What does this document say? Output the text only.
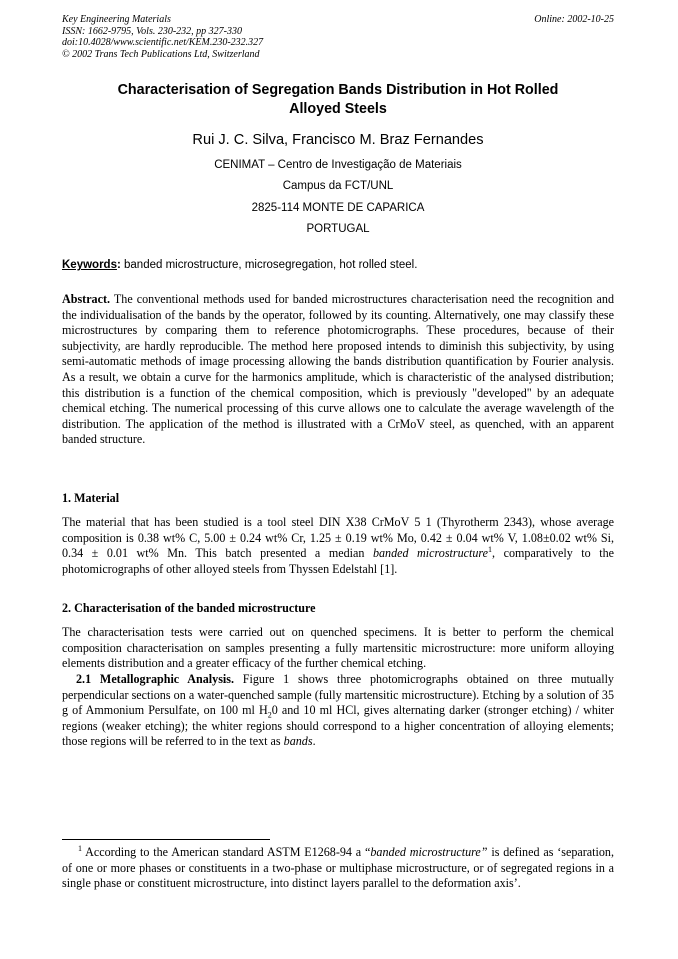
Key Engineering Materials
ISSN: 1662-9795, Vols. 230-232, pp 327-330
doi:10.4028/www.scientific.net/KEM.230-232.327
© 2002 Trans Tech Publications Ltd, Switzerland
Online: 2002-10-25
Characterisation of Segregation Bands Distribution in Hot Rolled
Alloyed Steels
Rui J. C. Silva, Francisco M. Braz Fernandes
CENIMAT – Centro de Investigação de Materiais
Campus da FCT/UNL
2825-114 MONTE DE CAPARICA
PORTUGAL
Keywords: banded microstructure, microsegregation, hot rolled steel.
Abstract. The conventional methods used for banded microstructures characterisation need the recognition and the individualisation of the bands by the operator, followed by its counting. Alternatively, one may classify these microstructures by comparing them to reference photomicrographs. These procedures, because of their subjectivity, are hardly reproducible. The method here proposed intends to diminish this subjectivity, by using semi-automatic methods of image processing allowing the bands distribution quantification by Fourier analysis. As a result, we obtain a curve for the harmonics amplitude, which is characteristic of the analysed distribution; this distribution is a function of the chemical composition, which is previously "developed" by an adequate chemical etching. The numerical processing of this curve allows one to calculate the average wavelength of the distribution. The application of the method is illustrated with a CrMoV steel, as quenched, with an apparent banded structure.
1. Material
The material that has been studied is a tool steel DIN X38 CrMoV 5 1 (Thyrotherm 2343), whose average composition is 0.38 wt% C, 5.00 ± 0.24 wt% Cr, 1.25 ± 0.19 wt% Mo, 0.42 ± 0.04 wt% V, 1.08±0.02 wt% Si, 0.34 ± 0.01 wt% Mn. This batch presented a median banded microstructure$^1$, comparatively to the photomicrographs of other alloyed steels from Thyssen Edelstahl [1].
2. Characterisation of the banded microstructure
The characterisation tests were carried out on quenched specimens. It is better to perform the chemical composition characterisation on samples presenting a fully martensitic microstructure: more uniform alloying elements distribution and a greater efficacy of the further chemical etching.
2.1 Metallographic Analysis. Figure 1 shows three photomicrographs obtained on three mutually perpendicular sections on a water-quenched sample (fully martensitic microstructure). Etching by a solution of 35 g of Ammonium Persulfate, on 100 ml $H_20$ and 10 ml HCl, gives alternating darker (stronger etching) / whiter regions (weaker etching); the whiter regions should correspond to a higher concentration of alloying elements; those regions will be referred to in the text as bands.
$^1$ According to the American standard ASTM E1268-94 a “banded microstructure” is defined as ‘separation, of one or more phases or constituents in a two-phase or multiphase microstructure, or of segregated regions in a single phase or constituent microstructure, into distinct layers parallel to the deformation axis’.
